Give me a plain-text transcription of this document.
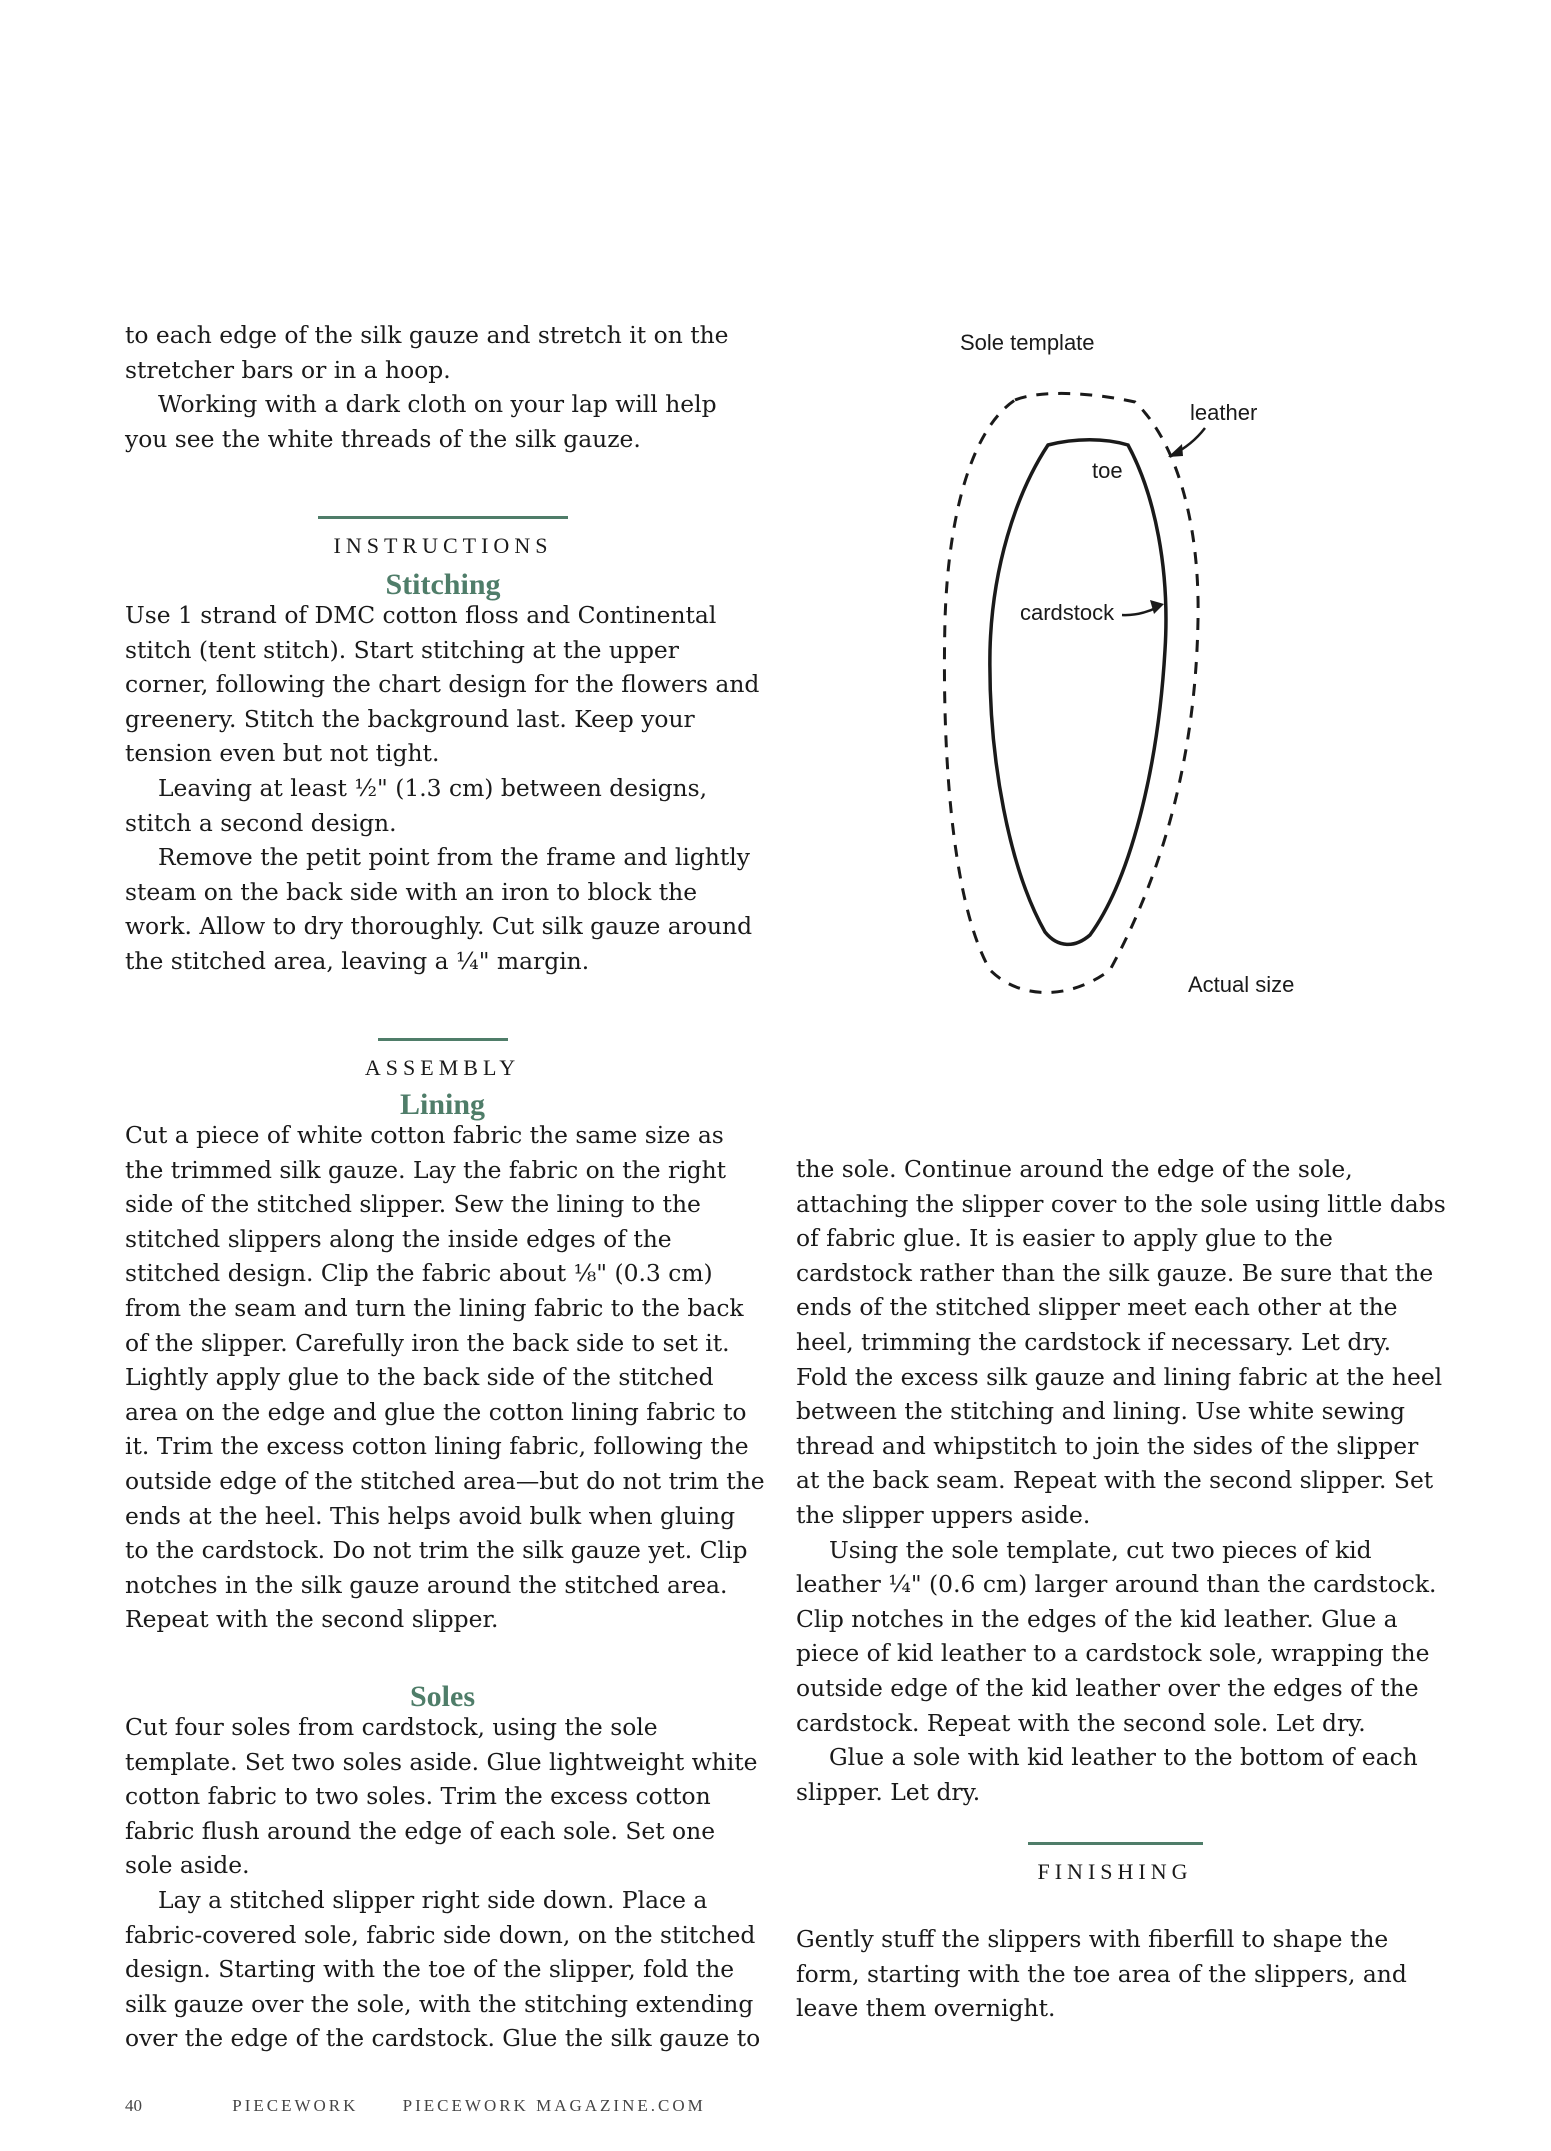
to each edge of the silk gauze and stretch it on the stretcher bars or in a hoop.

Working with a dark cloth on your lap will help you see the white threads of the silk gauze.

INSTRUCTIONS
Stitching

Use 1 strand of DMC cotton floss and Continental stitch (tent stitch). Start stitching at the upper corner, following the chart design for the flowers and greenery. Stitch the background last. Keep your tension even but not tight.

Leaving at least ½" (1.3 cm) between designs, stitch a second design.

Remove the petit point from the frame and lightly steam on the back side with an iron to block the work. Allow to dry thoroughly. Cut silk gauze around the stitched area, leaving a ¼" margin.

ASSEMBLY
Lining

Cut a piece of white cotton fabric the same size as the trimmed silk gauze. Lay the fabric on the right side of the stitched slipper. Sew the lining to the stitched slippers along the inside edges of the stitched design. Clip the fabric about ⅛" (0.3 cm) from the seam and turn the lining fabric to the back of the slipper. Carefully iron the back side to set it. Lightly apply glue to the back side of the stitched area on the edge and glue the cotton lining fabric to it. Trim the excess cotton lining fabric, following the outside edge of the stitched area—but do not trim the ends at the heel. This helps avoid bulk when gluing to the cardstock. Do not trim the silk gauze yet. Clip notches in the silk gauze around the stitched area. Repeat with the second slipper.

Soles

Cut four soles from cardstock, using the sole template. Set two soles aside. Glue lightweight white cotton fabric to two soles. Trim the excess cotton fabric flush around the edge of each sole. Set one sole aside.

Lay a stitched slipper right side down. Place a fabric-covered sole, fabric side down, on the stitched design. Starting with the toe of the slipper, fold the silk gauze over the sole, with the stitching extending over the edge of the cardstock. Glue the silk gauze to

Sole template
leather
toe
cardstock
Actual size

the sole. Continue around the edge of the sole, attaching the slipper cover to the sole using little dabs of fabric glue. It is easier to apply glue to the cardstock rather than the silk gauze. Be sure that the ends of the stitched slipper meet each other at the heel, trimming the cardstock if necessary. Let dry. Fold the excess silk gauze and lining fabric at the heel between the stitching and lining. Use white sewing thread and whipstitch to join the sides of the slipper at the back seam. Repeat with the second slipper. Set the slipper uppers aside.

Using the sole template, cut two pieces of kid leather ¼" (0.6 cm) larger around than the cardstock. Clip notches in the edges of the kid leather. Glue a piece of kid leather to a cardstock sole, wrapping the outside edge of the kid leather over the edges of the cardstock. Repeat with the second sole. Let dry.

Glue a sole with kid leather to the bottom of each slipper. Let dry.

FINISHING

Gently stuff the slippers with fiberfill to shape the form, starting with the toe area of the slippers, and leave them overnight.

40	PIECEWORK	PIECEWORK MAGAZINE.COM
